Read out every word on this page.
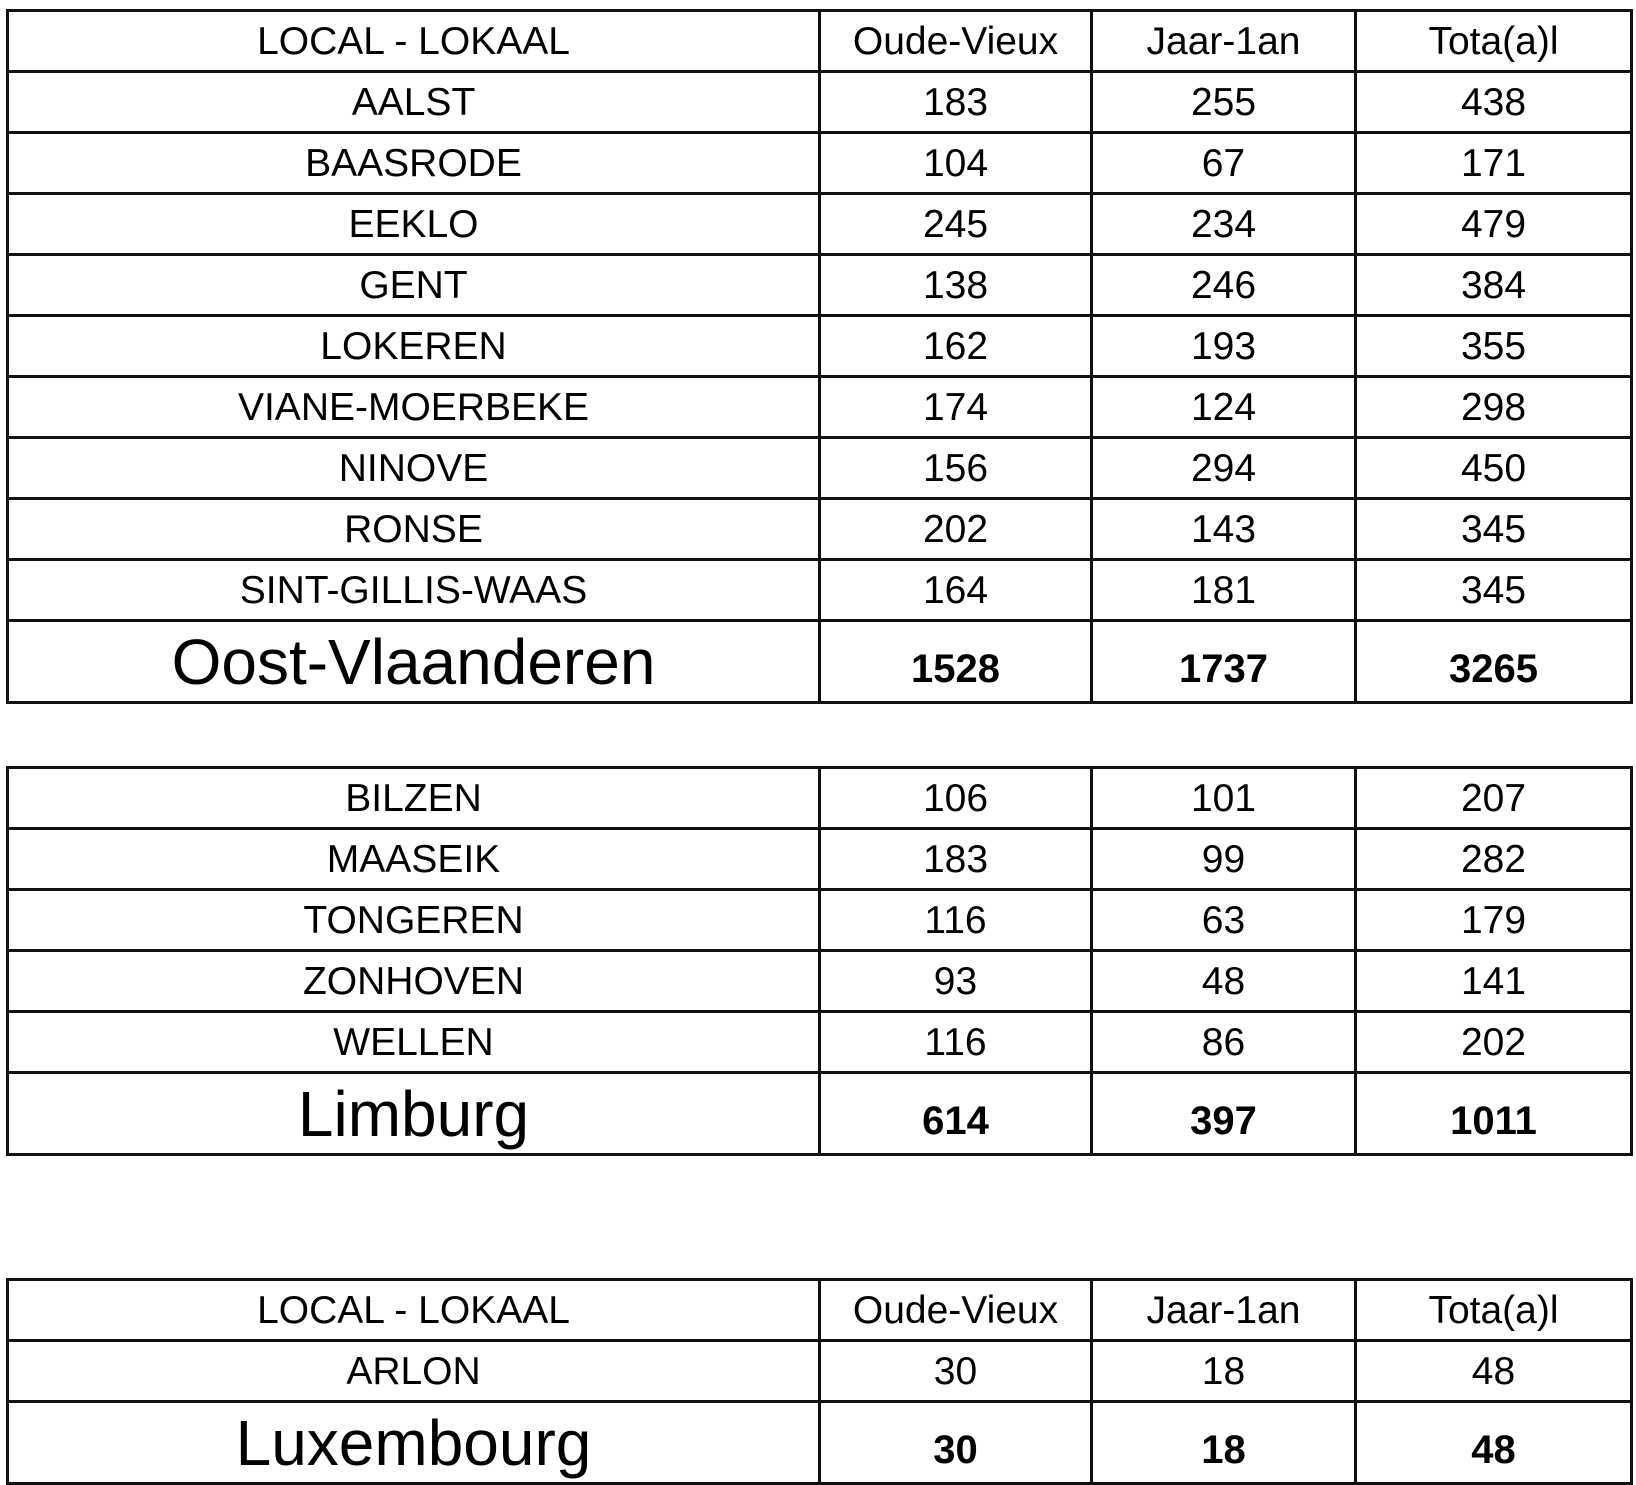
LOCAL - LOKAAL	Oude-Vieux	Jaar-1an	Tota(a)l
AALST	183	255	438
BAASRODE	104	67	171
EEKLO	245	234	479
GENT	138	246	384
LOKEREN	162	193	355
VIANE-MOERBEKE	174	124	298
NINOVE	156	294	450
RONSE	202	143	345
SINT-GILLIS-WAAS	164	181	345
Oost-Vlaanderen	1528	1737	3265
BILZEN	106	101	207
MAASEIK	183	99	282
TONGEREN	116	63	179
ZONHOVEN	93	48	141
WELLEN	116	86	202
Limburg	614	397	1011
LOCAL - LOKAAL	Oude-Vieux	Jaar-1an	Tota(a)l
ARLON	30	18	48
Luxembourg	30	18	48
